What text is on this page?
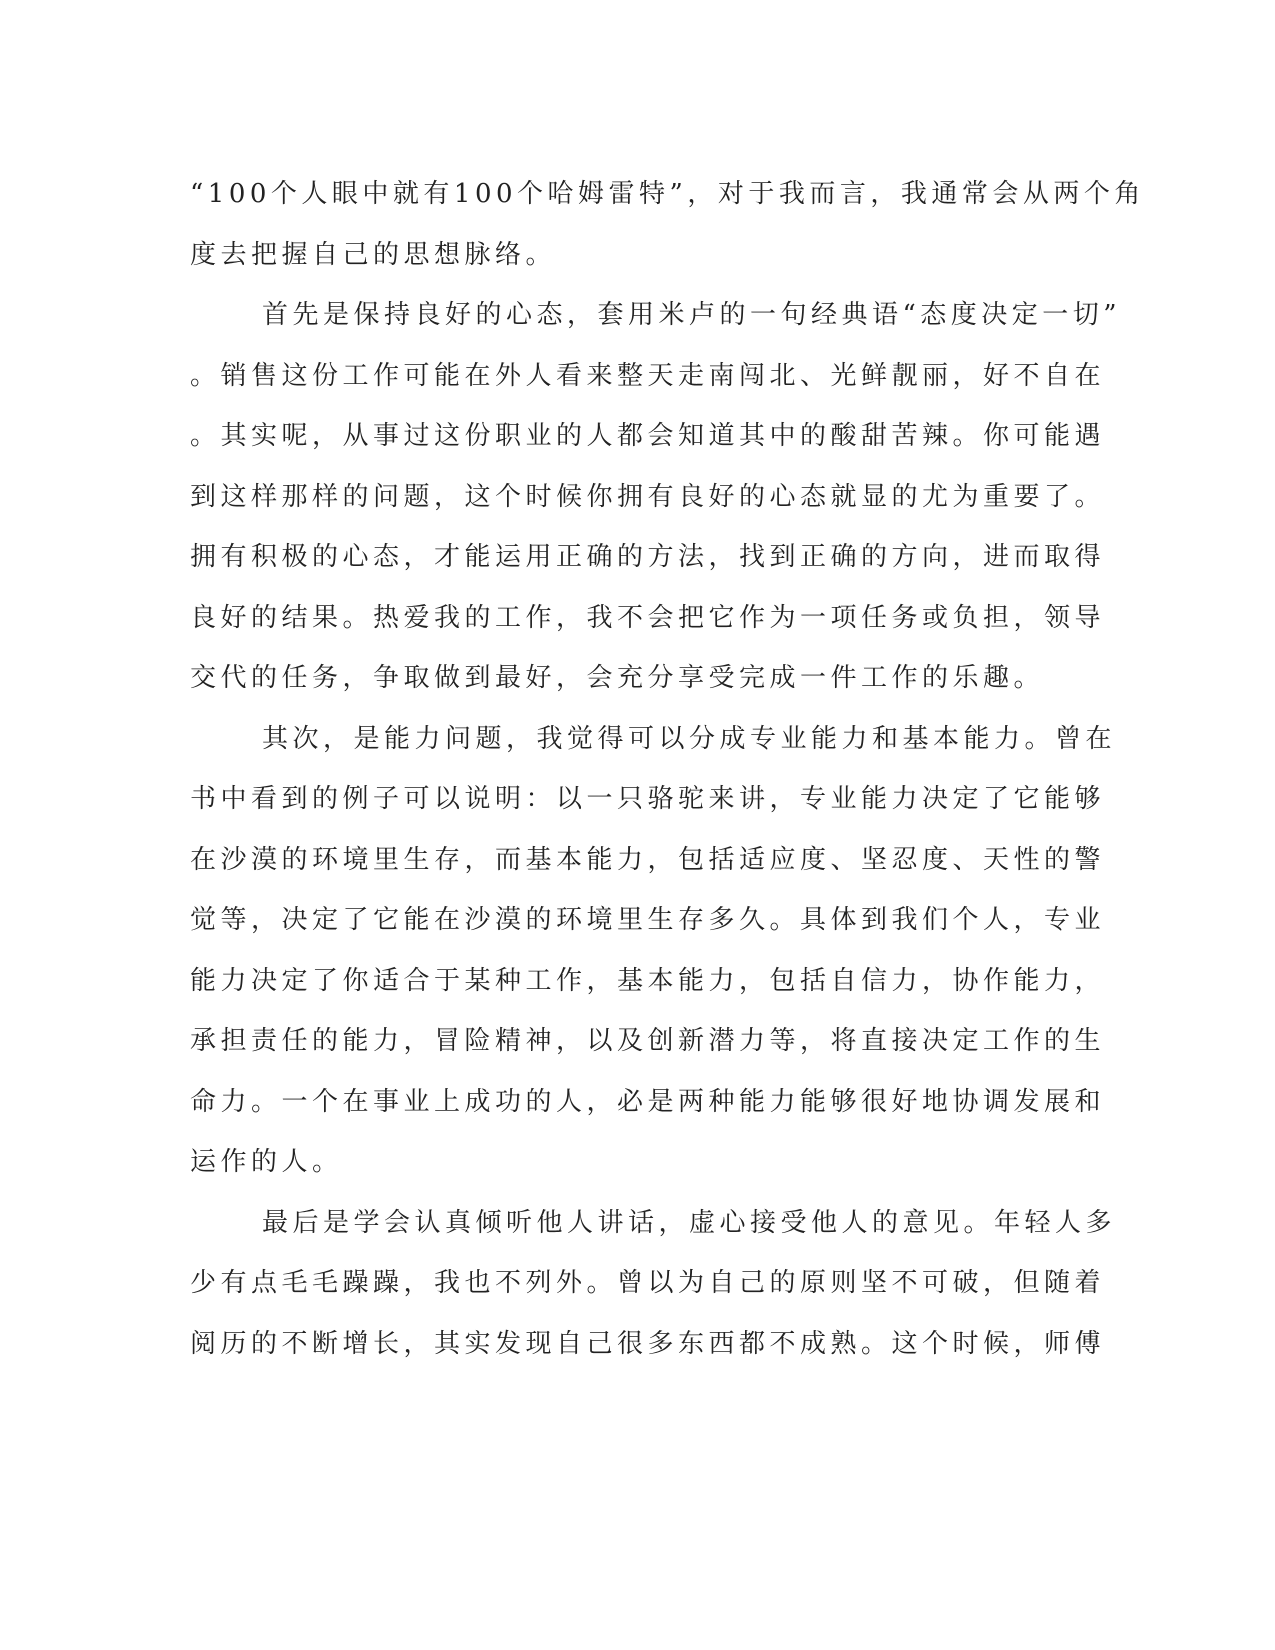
“100个人眼中就有100个哈姆雷特”，对于我而言，我通常会从两个角
度去把握自己的思想脉络。
首先是保持良好的心态，套用米卢的一句经典语“态度决定一切”
。销售这份工作可能在外人看来整天走南闯北、光鲜靓丽，好不自在
。其实呢，从事过这份职业的人都会知道其中的酸甜苦辣。你可能遇
到这样那样的问题，这个时候你拥有良好的心态就显的尤为重要了。
拥有积极的心态，才能运用正确的方法，找到正确的方向，进而取得
良好的结果。热爱我的工作，我不会把它作为一项任务或负担，领导
交代的任务，争取做到最好，会充分享受完成一件工作的乐趣。
其次，是能力问题，我觉得可以分成专业能力和基本能力。曾在
书中看到的例子可以说明：以一只骆驼来讲，专业能力决定了它能够
在沙漠的环境里生存，而基本能力，包括适应度、坚忍度、天性的警
觉等，决定了它能在沙漠的环境里生存多久。具体到我们个人，专业
能力决定了你适合于某种工作，基本能力，包括自信力，协作能力，
承担责任的能力，冒险精神，以及创新潜力等，将直接决定工作的生
命力。一个在事业上成功的人，必是两种能力能够很好地协调发展和
运作的人。
最后是学会认真倾听他人讲话，虚心接受他人的意见。年轻人多
少有点毛毛躁躁，我也不列外。曾以为自己的原则坚不可破，但随着
阅历的不断增长，其实发现自己很多东西都不成熟。这个时候，师傅
